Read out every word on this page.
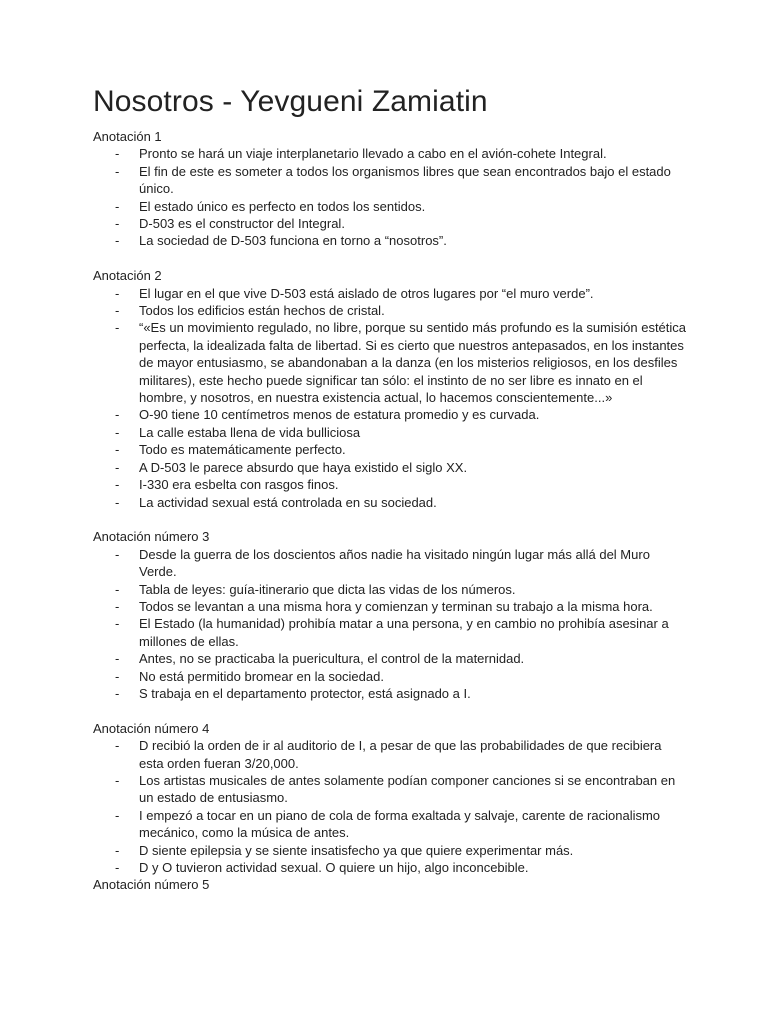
Nosotros - Yevgueni Zamiatin

Anotación 1

- Pronto se hará un viaje interplanetario llevado a cabo en el avión-cohete Integral.
- El fin de este es someter a todos los organismos libres que sean encontrados bajo el estado único.
- El estado único es perfecto en todos los sentidos.
- D-503 es el constructor del Integral.
- La sociedad de D-503 funciona en torno a “nosotros”.

Anotación 2

- El lugar en el que vive D-503 está aislado de otros lugares por “el muro verde”.
- Todos los edificios están hechos de cristal.
- “«Es un movimiento regulado, no libre, porque su sentido más profundo es la sumisión estética perfecta, la idealizada falta de libertad. Si es cierto que nuestros antepasados, en los instantes de mayor entusiasmo, se abandonaban a la danza (en los misterios religiosos, en los desfiles militares), este hecho puede significar tan sólo: el instinto de no ser libre es innato en el hombre, y nosotros, en nuestra existencia actual, lo hacemos conscientemente...»
- O-90 tiene 10 centímetros menos de estatura promedio y es curvada.
- La calle estaba llena de vida bulliciosa
- Todo es matemáticamente perfecto.
- A D-503 le parece absurdo que haya existido el siglo XX.
- I-330 era esbelta con rasgos finos.
- La actividad sexual está controlada en su sociedad.

Anotación número 3

- Desde la guerra de los doscientos años nadie ha visitado ningún lugar más allá del Muro Verde.
- Tabla de leyes: guía-itinerario que dicta las vidas de los números.
- Todos se levantan a una misma hora y comienzan y terminan su trabajo a la misma hora.
- El Estado (la humanidad) prohibía matar a una persona, y en cambio no prohibía asesinar a millones de ellas.
- Antes, no se practicaba la puericultura, el control de la maternidad.
- No está permitido bromear en la sociedad.
- S trabaja en el departamento protector, está asignado a I.

Anotación número 4

- D recibió la orden de ir al auditorio de I, a pesar de que las probabilidades de que recibiera esta orden fueran 3/20,000.
- Los artistas musicales de antes solamente podían componer canciones si se encontraban en un estado de entusiasmo.
- I empezó a tocar en un piano de cola de forma exaltada y salvaje, carente de racionalismo mecánico, como la música de antes.
- D siente epilepsia y se siente insatisfecho ya que quiere experimentar más.
- D y O tuvieron actividad sexual. O quiere un hijo, algo inconcebible.

Anotación número 5
